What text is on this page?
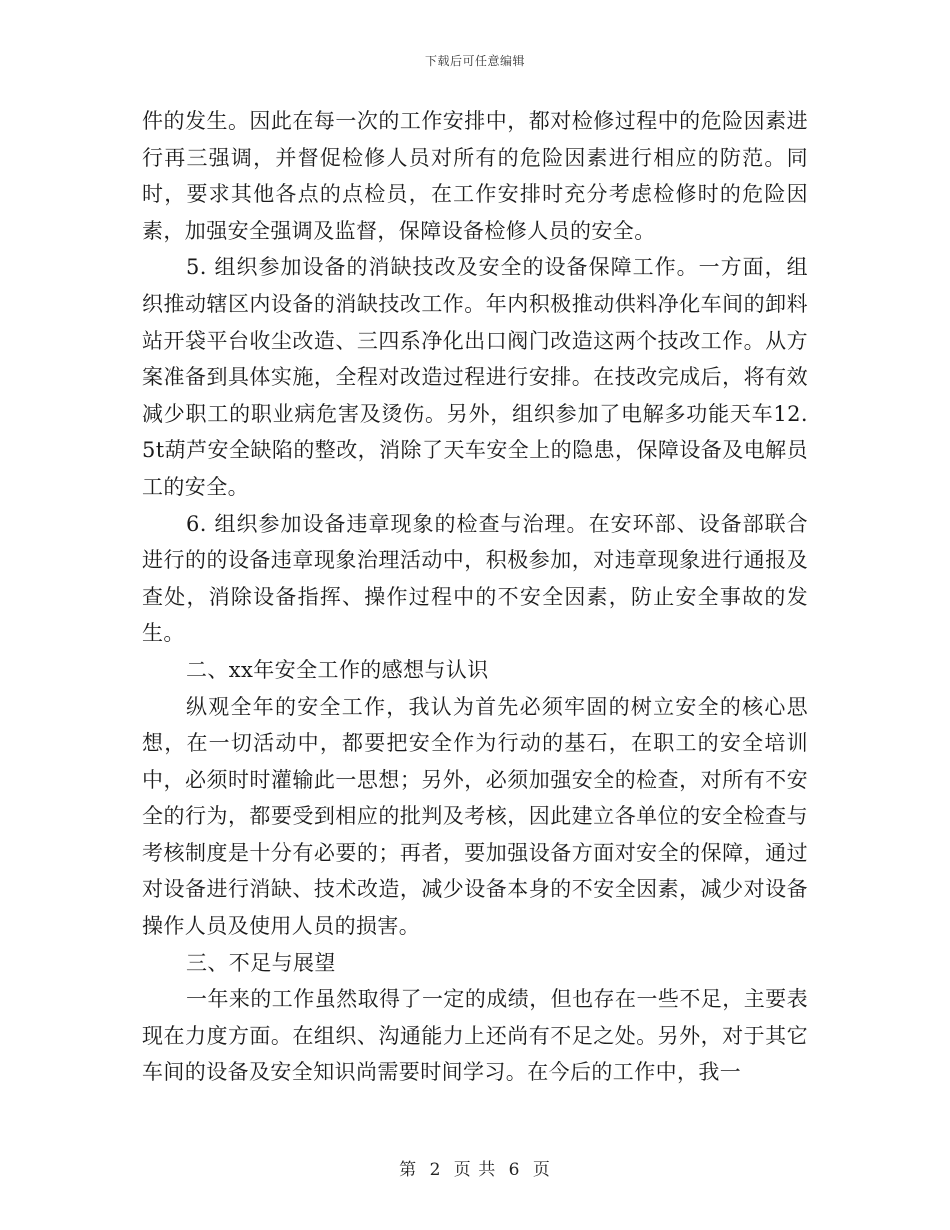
下载后可任意编辑

件的发生。因此在每一次的工作安排中，都对检修过程中的危险因素进行再三强调，并督促检修人员对所有的危险因素进行相应的防范。同时，要求其他各点的点检员，在工作安排时充分考虑检修时的危险因素，加强安全强调及监督，保障设备检修人员的安全。

5. 组织参加设备的消缺技改及安全的设备保障工作。一方面，组织推动辖区内设备的消缺技改工作。年内积极推动供料净化车间的卸料站开袋平台收尘改造、三四系净化出口阀门改造这两个技改工作。从方案准备到具体实施，全程对改造过程进行安排。在技改完成后，将有效减少职工的职业病危害及烫伤。另外，组织参加了电解多功能天车12.5t葫芦安全缺陷的整改，消除了天车安全上的隐患，保障设备及电解员工的安全。

6. 组织参加设备违章现象的检查与治理。在安环部、设备部联合进行的的设备违章现象治理活动中，积极参加，对违章现象进行通报及查处，消除设备指挥、操作过程中的不安全因素，防止安全事故的发生。

二、xx年安全工作的感想与认识

纵观全年的安全工作，我认为首先必须牢固的树立安全的核心思想，在一切活动中，都要把安全作为行动的基石，在职工的安全培训中，必须时时灌输此一思想；另外，必须加强安全的检查，对所有不安全的行为，都要受到相应的批判及考核，因此建立各单位的安全检查与考核制度是十分有必要的；再者，要加强设备方面对安全的保障，通过对设备进行消缺、技术改造，减少设备本身的不安全因素，减少对设备操作人员及使用人员的损害。

三、不足与展望

一年来的工作虽然取得了一定的成绩，但也存在一些不足，主要表现在力度方面。在组织、沟通能力上还尚有不足之处。另外，对于其它车间的设备及安全知识尚需要时间学习。在今后的工作中，我一

第 2 页 共 6 页
